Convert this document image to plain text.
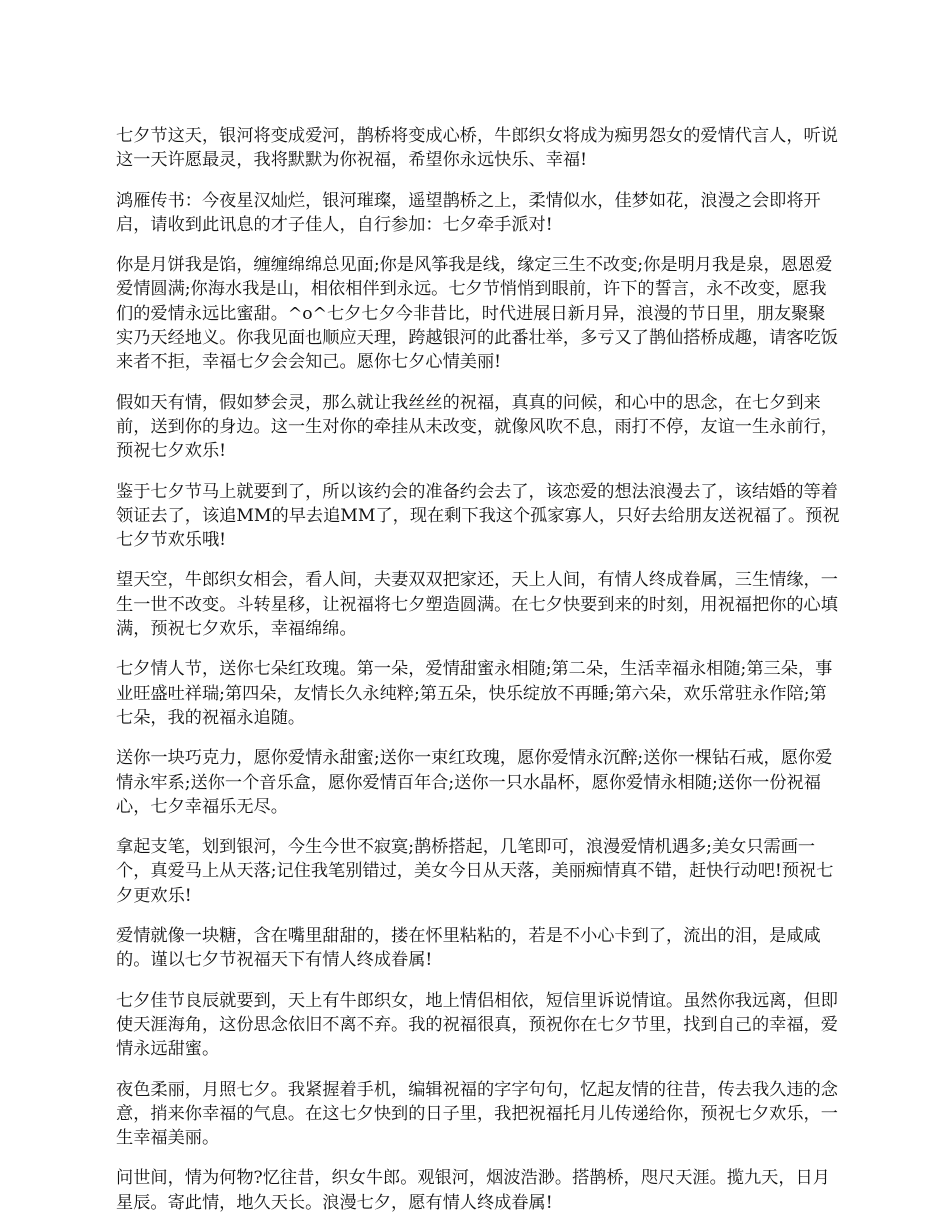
七夕节这天，银河将变成爱河，鹊桥将变成心桥，牛郎织女将成为痴男怨女的爱情代言人，听说这一天许愿最灵，我将默默为你祝福，希望你永远快乐、幸福!

鸿雁传书：今夜星汉灿烂，银河璀璨，遥望鹊桥之上，柔情似水，佳梦如花，浪漫之会即将开启，请收到此讯息的才子佳人，自行参加：七夕牵手派对!

你是月饼我是馅，缠缠绵绵总见面;你是风筝我是线，缘定三生不改变;你是明月我是泉，恩恩爱爱情圆满;你海水我是山，相依相伴到永远。七夕节悄悄到眼前，许下的誓言，永不改变，愿我们的爱情永远比蜜甜。^o^七夕七夕今非昔比，时代进展日新月异，浪漫的节日里，朋友聚聚实乃天经地义。你我见面也顺应天理，跨越银河的此番壮举，多亏又了鹊仙搭桥成趣，请客吃饭来者不拒，幸福七夕会会知己。愿你七夕心情美丽!

假如天有情，假如梦会灵，那么就让我丝丝的祝福，真真的问候，和心中的思念，在七夕到来前，送到你的身边。这一生对你的牵挂从未改变，就像风吹不息，雨打不停，友谊一生永前行，预祝七夕欢乐!

鉴于七夕节马上就要到了，所以该约会的准备约会去了，该恋爱的想法浪漫去了，该结婚的等着领证去了，该追MM的早去追MM了，现在剩下我这个孤家寡人，只好去给朋友送祝福了。预祝七夕节欢乐哦!

望天空，牛郎织女相会，看人间，夫妻双双把家还，天上人间，有情人终成眷属，三生情缘，一生一世不改变。斗转星移，让祝福将七夕塑造圆满。在七夕快要到来的时刻，用祝福把你的心填满，预祝七夕欢乐，幸福绵绵。

七夕情人节，送你七朵红玫瑰。第一朵，爱情甜蜜永相随;第二朵，生活幸福永相随;第三朵，事业旺盛吐祥瑞;第四朵，友情长久永纯粹;第五朵，快乐绽放不再睡;第六朵，欢乐常驻永作陪;第七朵，我的祝福永追随。

送你一块巧克力，愿你爱情永甜蜜;送你一束红玫瑰，愿你爱情永沉醉;送你一棵钻石戒，愿你爱情永牢系;送你一个音乐盒，愿你爱情百年合;送你一只水晶杯，愿你爱情永相随;送你一份祝福心，七夕幸福乐无尽。

拿起支笔，划到银河，今生今世不寂寞;鹊桥搭起，几笔即可，浪漫爱情机遇多;美女只需画一个，真爱马上从天落;记住我笔别错过，美女今日从天落，美丽痴情真不错，赶快行动吧!预祝七夕更欢乐!

爱情就像一块糖，含在嘴里甜甜的，搂在怀里粘粘的，若是不小心卡到了，流出的泪，是咸咸的。谨以七夕节祝福天下有情人终成眷属!

七夕佳节良辰就要到，天上有牛郎织女，地上情侣相依，短信里诉说情谊。虽然你我远离，但即使天涯海角，这份思念依旧不离不弃。我的祝福很真，预祝你在七夕节里，找到自己的幸福，爱情永远甜蜜。

夜色柔丽，月照七夕。我紧握着手机，编辑祝福的字字句句，忆起友情的往昔，传去我久违的念意，捎来你幸福的气息。在这七夕快到的日子里，我把祝福托月儿传递给你，预祝七夕欢乐，一生幸福美丽。

问世间，情为何物?忆往昔，织女牛郎。观银河，烟波浩渺。搭鹊桥，咫尺天涯。揽九天，日月星辰。寄此情，地久天长。浪漫七夕，愿有情人终成眷属!
